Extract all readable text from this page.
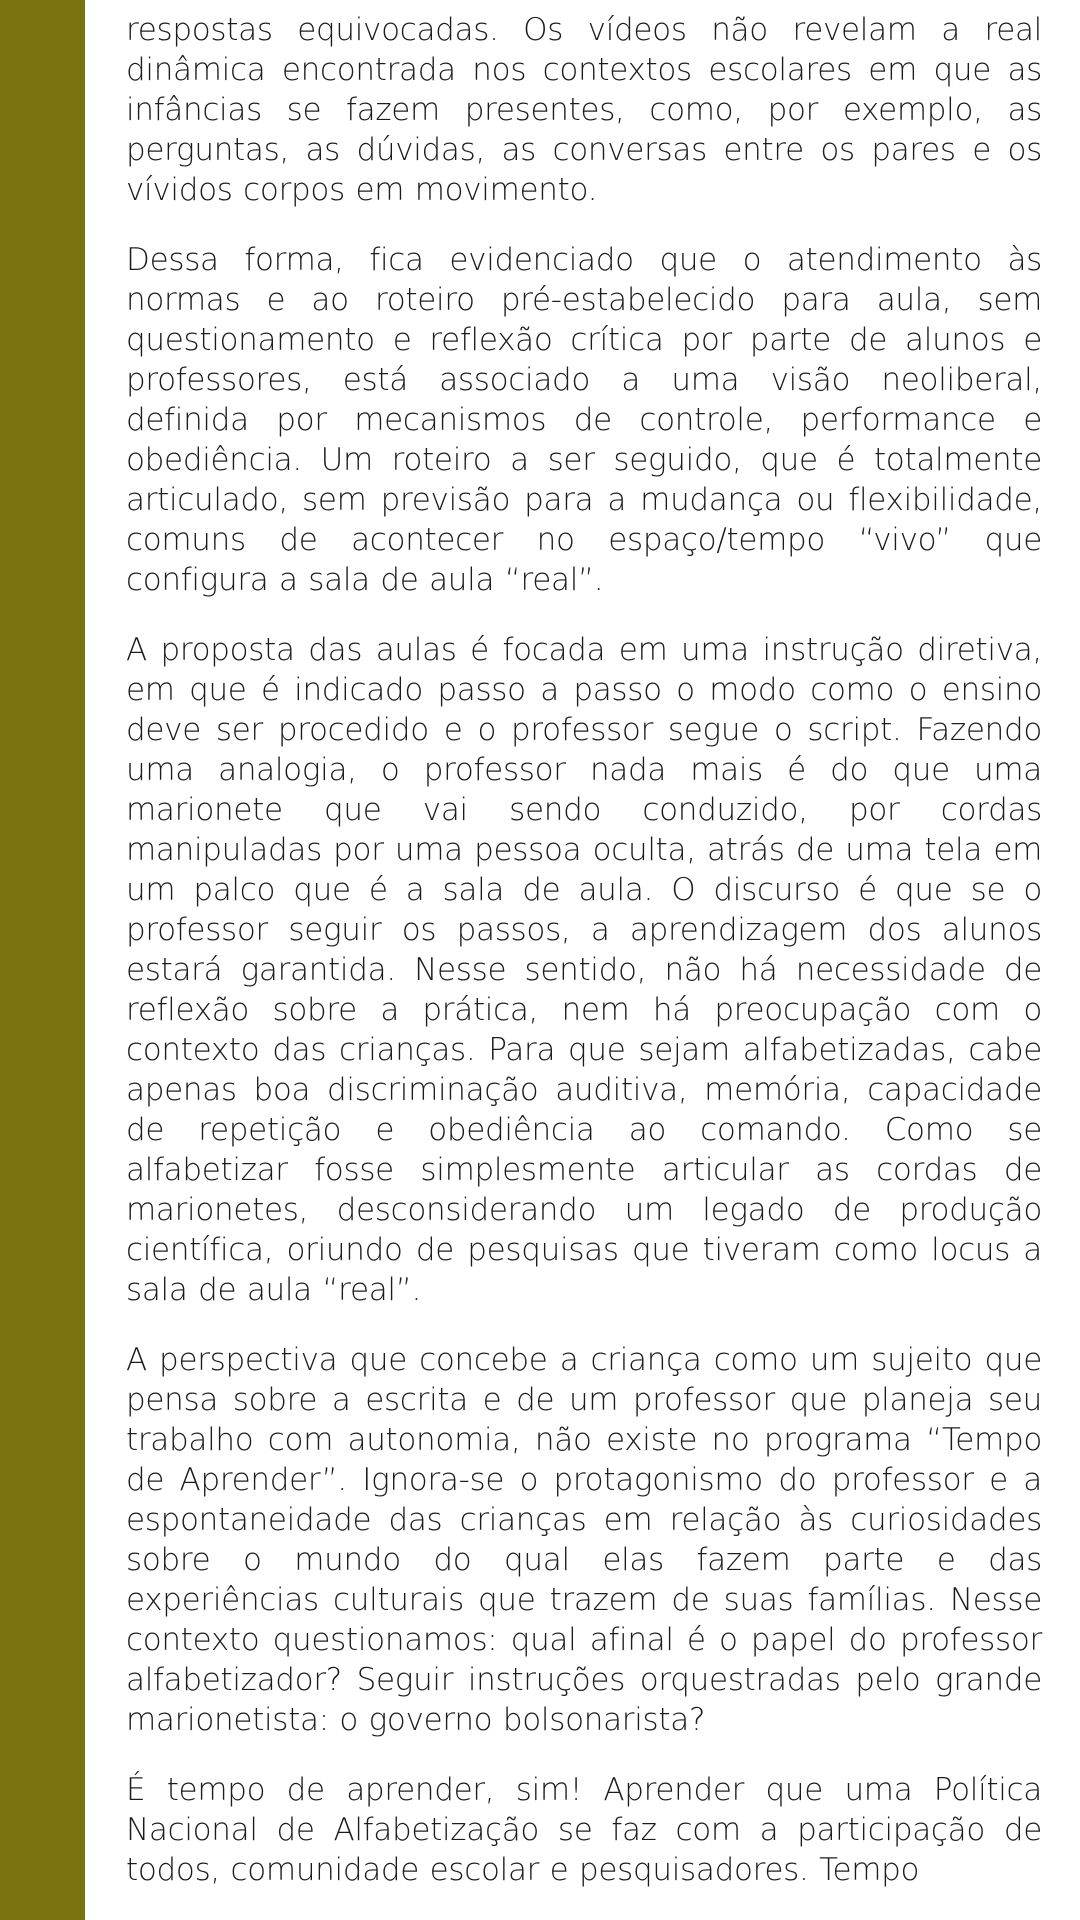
respostas equivocadas. Os vídeos não revelam a real dinâmica encontrada nos contextos escolares em que as infâncias se fazem presentes, como, por exemplo, as perguntas, as dúvidas, as conversas entre os pares e os vívidos corpos em movimento.

Dessa forma, fica evidenciado que o atendimento às normas e ao roteiro pré-estabelecido para aula, sem questionamento e reflexão crítica por parte de alunos e professores, está associado a uma visão neoliberal, definida por mecanismos de controle, performance e obediência. Um roteiro a ser seguido, que é totalmente articulado, sem previsão para a mudança ou flexibilidade, comuns de acontecer no espaço/tempo “vivo” que configura a sala de aula “real”.

A proposta das aulas é focada em uma instrução diretiva, em que é indicado passo a passo o modo como o ensino deve ser procedido e o professor segue o script. Fazendo uma analogia, o professor nada mais é do que uma marionete que vai sendo conduzido, por cordas manipuladas por uma pessoa oculta, atrás de uma tela em um palco que é a sala de aula. O discurso é que se o professor seguir os passos, a aprendizagem dos alunos estará garantida. Nesse sentido, não há necessidade de reflexão sobre a prática, nem há preocupação com o contexto das crianças. Para que sejam alfabetizadas, cabe apenas boa discriminação auditiva, memória, capacidade de repetição e obediência ao comando. Como se alfabetizar fosse simplesmente articular as cordas de marionetes, desconsiderando um legado de produção científica, oriundo de pesquisas que tiveram como locus a sala de aula “real”.

A perspectiva que concebe a criança como um sujeito que pensa sobre a escrita e de um professor que planeja seu trabalho com autonomia, não existe no programa “Tempo de Aprender”. Ignora-se o protagonismo do professor e a espontaneidade das crianças em relação às curiosidades sobre o mundo do qual elas fazem parte e das experiências culturais que trazem de suas famílias. Nesse contexto questionamos: qual afinal é o papel do professor alfabetizador? Seguir instruções orquestradas pelo grande marionetista: o governo bolsonarista?

É tempo de aprender, sim! Aprender que uma Política Nacional de Alfabetização se faz com a participação de todos, comunidade escolar e pesquisadores. Tempo
